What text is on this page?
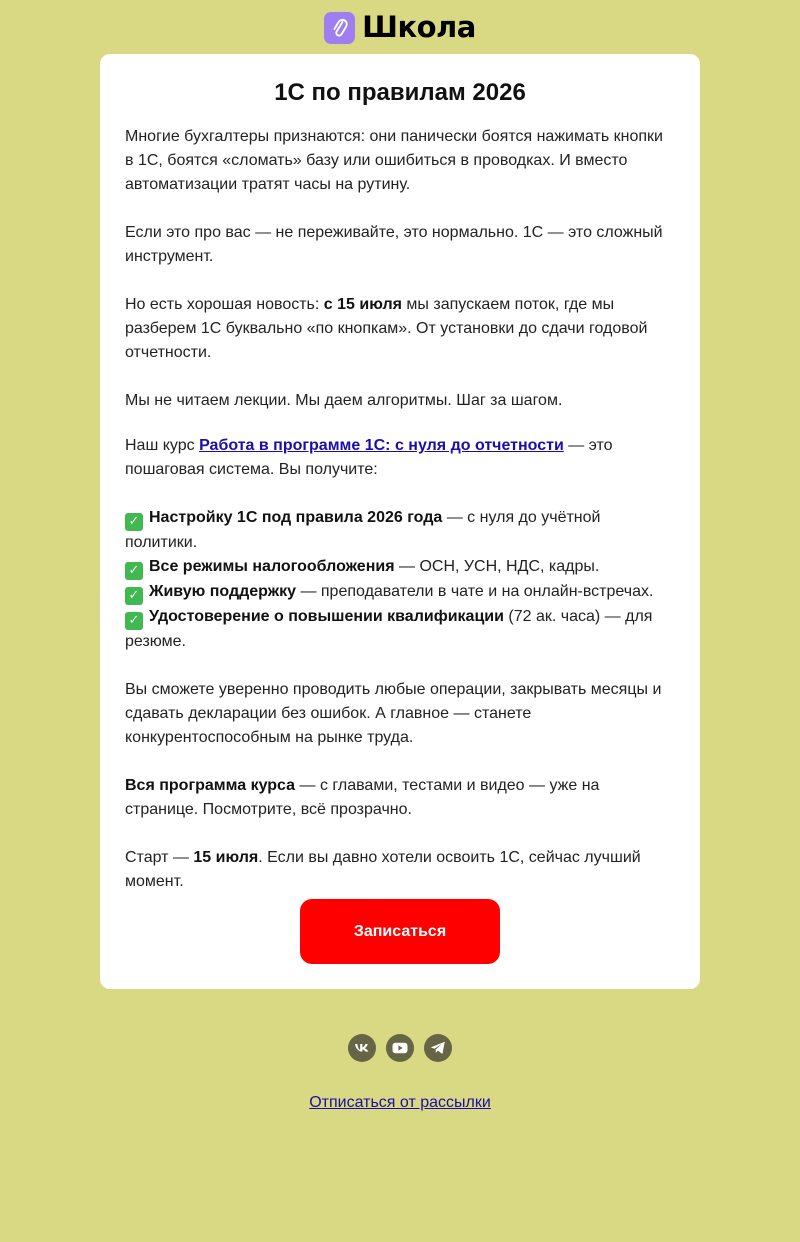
Школа
1С по правилам 2026

Многие бухгалтеры признаются: они панически боятся нажимать кнопки в 1С, боятся «сломать» базу или ошибиться в проводках. И вместо автоматизации тратят часы на рутину.

Если это про вас — не переживайте, это нормально. 1С — это сложный инструмент.

Но есть хорошая новость: с 15 июля мы запускаем поток, где мы разберем 1С буквально «по кнопкам». От установки до сдачи годовой отчетности.

Мы не читаем лекции. Мы даем алгоритмы. Шаг за шагом.

Наш курс Работа в программе 1С: с нуля до отчетности — это пошаговая система. Вы получите:

✓ Настройку 1С под правила 2026 года — с нуля до учётной политики.

✓ Все режимы налогообложения — ОСН, УСН, НДС, кадры.

✓ Живую поддержку — преподаватели в чате и на онлайн-встречах.

✓ Удостоверение о повышении квалификации (72 ак. часа) — для резюме.

Вы сможете уверенно проводить любые операции, закрывать месяцы и сдавать декларации без ошибок. А главное — станете конкурентоспособным на рынке труда.

Вся программа курса — с главами, тестами и видео — уже на странице. Посмотрите, всё прозрачно.

Старт — 15 июля. Если вы давно хотели освоить 1С, сейчас лучший момент.

Записаться
Отписаться от рассылки
